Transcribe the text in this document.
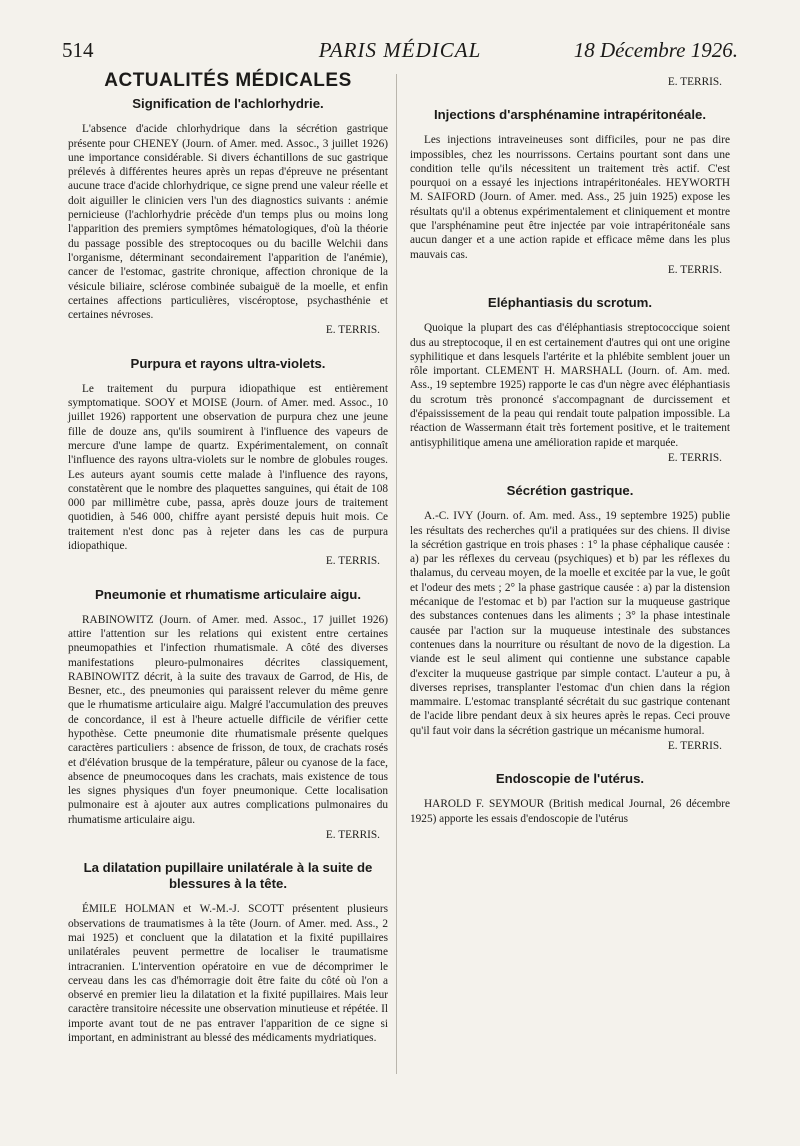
514	PARIS MÉDICAL	18 Décembre 1926.
ACTUALITÉS MÉDICALES
Signification de l'achlorhydrie.

L'absence d'acide chlorhydrique dans la sécrétion gastrique présente pour CHENEY (Journ. of Amer. med. Assoc., 3 juillet 1926) une importance considérable. Si divers échantillons de suc gastrique prélevés à différentes heures après un repas d'épreuve ne présentant aucune trace d'acide chlorhydrique, ce signe prend une valeur réelle et doit aiguiller le clinicien vers l'un des diagnostics suivants : anémie pernicieuse (l'achlorhydrie précède d'un temps plus ou moins long l'apparition des premiers symptômes hématologiques, d'où la théorie du passage possible des streptocoques ou du bacille Welchii dans l'organisme, déterminant secondairement l'apparition de l'anémie), cancer de l'estomac, gastrite chronique, affection chronique de la vésicule biliaire, sclérose combinée subaiguë de la moelle, et enfin certaines affections particulières, viscéroptose, psychasthénie et certaines névroses.

E. TERRIS.
Purpura et rayons ultra-violets.

Le traitement du purpura idiopathique est entièrement symptomatique. SOOY et MOISE (Journ. of Amer. med. Assoc., 10 juillet 1926) rapportent une observation de purpura chez une jeune fille de douze ans, qu'ils soumirent à l'influence des vapeurs de mercure d'une lampe de quartz. Expérimentalement, on connaît l'influence des rayons ultra-violets sur le nombre de globules rouges. Les auteurs ayant soumis cette malade à l'influence des rayons, constatèrent que le nombre des plaquettes sanguines, qui était de 108 000 par millimètre cube, passa, après douze jours de traitement quotidien, à 546 000, chiffre ayant persisté depuis huit mois. Ce traitement n'est donc pas à rejeter dans les cas de purpura idiopathique.

E. TERRIS.
Pneumonie et rhumatisme articulaire aigu.

RABINOWITZ (Journ. of Amer. med. Assoc., 17 juillet 1926) attire l'attention sur les relations qui existent entre certaines pneumopathies et l'infection rhumatismale. A côté des diverses manifestations pleuro-pulmonaires décrites classiquement, RABINOWITZ décrit, à la suite des travaux de Garrod, de His, de Besner, etc., des pneumonies qui paraissent relever du même genre que le rhumatisme articulaire aigu. Malgré l'accumulation des preuves de concordance, il est à l'heure actuelle difficile de vérifier cette hypothèse. Cette pneumonie dite rhumatismale présente quelques caractères particuliers : absence de frisson, de toux, de crachats rosés et d'élévation brusque de la température, pâleur ou cyanose de la face, absence de pneumocoques dans les crachats, mais existence de tous les signes physiques d'un foyer pneumonique. Cette localisation pulmonaire est à ajouter aux autres complications pulmonaires du rhumatisme articulaire aigu.

E. TERRIS.
La dilatation pupillaire unilatérale à la suite de blessures à la tête.

ÉMILE HOLMAN et W.-M.-J. SCOTT présentent plusieurs observations de traumatismes à la tête (Journ. of Amer. med. Ass., 2 mai 1925) et concluent que la dilatation et la fixité pupillaires unilatérales peuvent permettre de localiser le traumatisme intracranien. L'intervention opératoire en vue de décomprimer le cerveau dans les cas d'hémorragie doit être faite du côté où l'on a observé en premier lieu la dilatation et la fixité pupillaires. Mais leur caractère transitoire nécessite une observation minutieuse et répétée. Il importe avant tout de ne pas entraver l'apparition de ce signe si important, en administrant au blessé des médicaments mydriatiques.

E. TERRIS.
Injections d'arsphénamine intrapéritonéale.

Les injections intraveineuses sont difficiles, pour ne pas dire impossibles, chez les nourrissons. Certains pourtant sont dans une condition telle qu'ils nécessitent un traitement très actif. C'est pourquoi on a essayé les injections intrapéritonéales. HEYWORTH M. SAIFORD (Journ. of Amer. med. Ass., 25 juin 1925) expose les résultats qu'il a obtenus expérimentalement et cliniquement et montre que l'arsphénamine peut être injectée par voie intrapéritonéale sans aucun danger et a une action rapide et efficace même dans les plus mauvais cas.

E. TERRIS.
Eléphantiasis du scrotum.

Quoique la plupart des cas d'éléphantiasis streptococcique soient dus au streptocoque, il en est certainement d'autres qui ont une origine syphilitique et dans lesquels l'artérite et la phlébite semblent jouer un rôle important. CLEMENT H. MARSHALL (Journ. of. Am. med. Ass., 19 septembre 1925) rapporte le cas d'un nègre avec éléphantiasis du scrotum très prononcé s'accompagnant de durcissement et d'épaississement de la peau qui rendait toute palpation impossible. La réaction de Wassermann était très fortement positive, et le traitement antisyphilitique amena une amélioration rapide et marquée.

E. TERRIS.
Sécrétion gastrique.

A.-C. IVY (Journ. of. Am. med. Ass., 19 septembre 1925) publie les résultats des recherches qu'il a pratiquées sur des chiens. Il divise la sécrétion gastrique en trois phases : 1° la phase céphalique causée : a) par les réflexes du cerveau (psychiques) et b) par les réflexes du thalamus, du cerveau moyen, de la moelle et excitée par la vue, le goût et l'odeur des mets ; 2° la phase gastrique causée : a) par la distension mécanique de l'estomac et b) par l'action sur la muqueuse gastrique des substances contenues dans les aliments ; 3° la phase intestinale causée par l'action sur la muqueuse intestinale des substances contenues dans la nourriture ou résultant de novo de la digestion. La viande est le seul aliment qui contienne une substance capable d'exciter la muqueuse gastrique par simple contact. L'auteur a pu, à diverses reprises, transplanter l'estomac d'un chien dans la région mammaire. L'estomac transplanté sécrétait du suc gastrique contenant de l'acide libre pendant deux à six heures après le repas. Ceci prouve qu'il faut voir dans la sécrétion gastrique un mécanisme humoral.

E. TERRIS.
Endoscopie de l'utérus.

HAROLD F. SEYMOUR (British medical Journal, 26 décembre 1925) apporte les essais d'endoscopie de l'utérus
